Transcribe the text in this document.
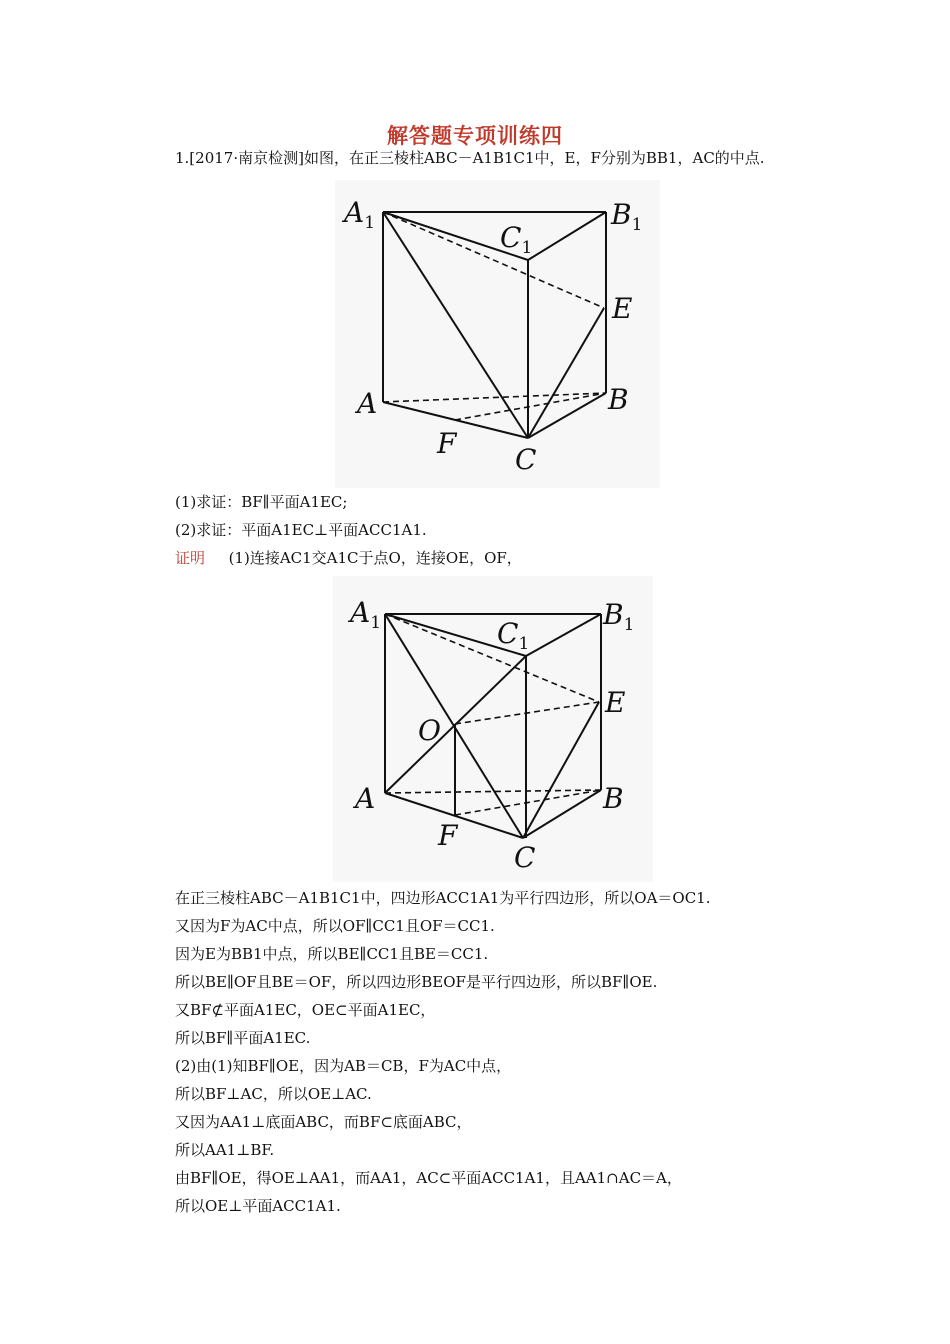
解答题专项训练四
1.[2017·南京检测]如图，在正三棱柱ABC－A1B1C1中，E，F分别为BB1，AC的中点.
$A_1$	$B_1$
$C_1$
E
A	B
C
F
(1)求证：BF∥平面A1EC;
(2)求证：平面A1EC⊥平面ACC1A1.
证明 (1)连接AC1交A1C于点O，连接OE，OF，
$A_1$	$B_1$
$C_1$
E
O
A	B
C
F
在正三棱柱ABC－A1B1C1中，四边形ACC1A1为平行四边形，所以OA＝OC1.
又因为F为AC中点，所以OF∥CC1且OF＝CC1.
因为E为BB1中点，所以BE∥CC1且BE＝CC1.
所以BE∥OF且BE＝OF，所以四边形BEOF是平行四边形，所以BF∥OE.
又BF⊄平面A1EC，OE⊂平面A1EC，
所以BF∥平面A1EC.
(2)由(1)知BF∥OE，因为AB＝CB，F为AC中点，
所以BF⊥AC，所以OE⊥AC.
又因为AA1⊥底面ABC，而BF⊂底面ABC，
所以AA1⊥BF.
由BF∥OE，得OE⊥AA1，而AA1，AC⊂平面ACC1A1，且AA1∩AC＝A，
所以OE⊥平面ACC1A1.
